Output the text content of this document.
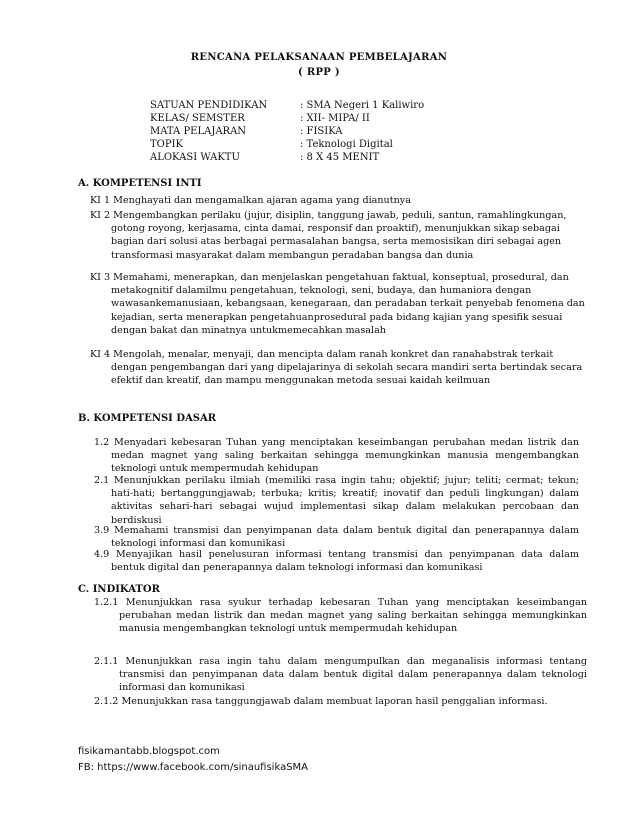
RENCANA PELAKSANAAN PEMBELAJARAN
( RPP )
SATUAN PENDIDIKAN	: SMA Negeri 1 Kaliwiro
KELAS/ SEMSTER	: XII- MIPA/ II
MATA PELAJARAN	: FISIKA
TOPIK	: Teknologi Digital
ALOKASI WAKTU	: 8 X 45 MENIT
A. KOMPETENSI INTI
KI 1 Menghayati dan mengamalkan ajaran agama yang dianutnya
KI 2 Mengembangkan perilaku (jujur, disiplin, tanggung jawab, peduli, santun, ramahlingkungan, gotong royong, kerjasama, cinta damai, responsif dan proaktif), menunjukkan sikap sebagai bagian dari solusi atas berbagai permasalahan bangsa, serta memosisikan diri sebagai agen transformasi masyarakat dalam membangun peradaban bangsa dan dunia
KI 3 Memahami, menerapkan, dan menjelaskan pengetahuan faktual, konseptual, prosedural, dan metakognitif dalamilmu pengetahuan, teknologi, seni, budaya, dan humaniora dengan wawasankemanusiaan, kebangsaan, kenegaraan, dan peradaban terkait penyebab fenomena dan kejadian, serta menerapkan pengetahuanprosedural pada bidang kajian yang spesifik sesuai dengan bakat dan minatnya untukmemecahkan masalah
KI 4 Mengolah, menalar, menyaji, dan mencipta dalam ranah konkret dan ranahabstrak terkait dengan pengembangan dari yang dipelajarinya di sekolah secara mandiri serta bertindak secara efektif dan kreatif, dan mampu menggunakan metoda sesuai kaidah keilmuan
B. KOMPETENSI DASAR
1.2 Menyadari kebesaran Tuhan yang menciptakan keseimbangan perubahan medan listrik dan medan magnet yang saling berkaitan sehingga memungkinkan manusia mengembangkan teknologi untuk mempermudah kehidupan
2.1 Menunjukkan perilaku ilmiah (memiliki rasa ingin tahu; objektif; jujur; teliti; cermat; tekun; hati-hati; bertanggungjawab; terbuka; kritis; kreatif; inovatif dan peduli lingkungan) dalam aktivitas sehari-hari sebagai wujud implementasi sikap dalam melakukan percobaan dan berdiskusi
3.9 Memahami transmisi dan penyimpanan data dalam bentuk digital dan penerapannya dalam teknologi informasi dan komunikasi
4.9 Menyajikan hasil penelusuran informasi tentang transmisi dan penyimpanan data dalam bentuk digital dan penerapannya dalam teknologi informasi dan komunikasi
C. INDIKATOR
1.2.1 Menunjukkan rasa syukur terhadap kebesaran Tuhan yang menciptakan keseimbangan perubahan medan listrik dan medan magnet yang saling berkaitan sehingga memungkinkan manusia mengembangkan teknologi untuk mempermudah kehidupan
2.1.1 Menunjukkan rasa ingin tahu dalam mengumpulkan dan meganalisis informasi tentang transmisi dan penyimpanan data dalam bentuk digital dalam penerapannya dalam teknologi informasi dan komunikasi
2.1.2 Menunjukkan rasa tanggungjawab dalam membuat laporan hasil penggalian informasi.
fisikamantabb.blogspot.com
FB: https://www.facebook.com/sinaufisikaSMA
